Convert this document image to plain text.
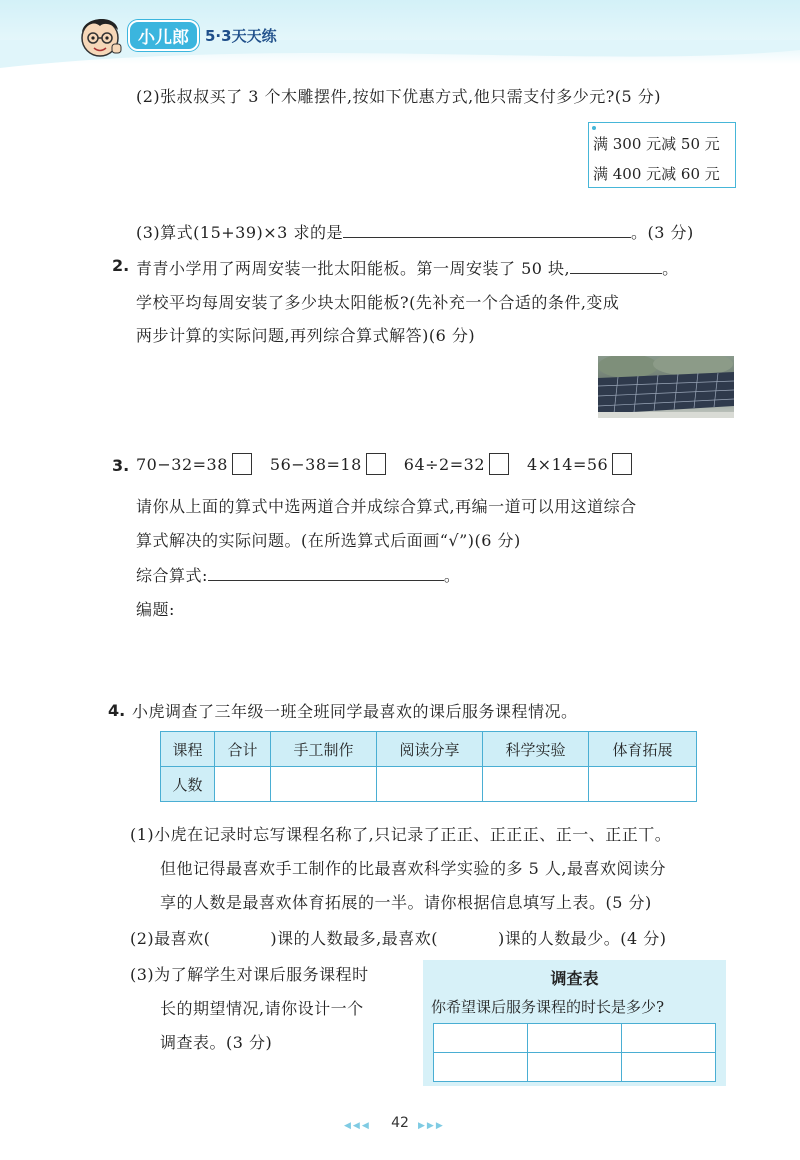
小儿郎	5·3天天练
(2)张叔叔买了 3 个木雕摆件,按如下优惠方式,他只需支付多少元?(5 分)
满 300 元减 50 元
满 400 元减 60 元
(3)算式(15+39)×3 求的是	。(3 分)
2. 青青小学用了两周安装一批太阳能板。第一周安装了 50 块,	。
学校平均每周安装了多少块太阳能板?(先补充一个合适的条件,变成
两步计算的实际问题,再列综合算式解答)(6 分)
3. 70−32=38	56−38=18	64÷2=32	4×14=56
请你从上面的算式中选两道合并成综合算式,再编一道可以用这道综合
算式解决的实际问题。(在所选算式后面画“√”)(6 分)
综合算式:	。
编题:
4. 小虎调查了三年级一班全班同学最喜欢的课后服务课程情况。
课程	合计	手工制作	阅读分享	科学实验	体育拓展
人数					
(1)小虎在记录时忘写课程名称了,只记录了正正、正正正、正一、正正丅。
但他记得最喜欢手工制作的比最喜欢科学实验的多 5 人,最喜欢阅读分
享的人数是最喜欢体育拓展的一半。请你根据信息填写上表。(5 分)
(2)最喜欢(	)课的人数最多,最喜欢(	)课的人数最少。(4 分)
(3)为了解学生对课后服务课程时
长的期望情况,请你设计一个
调查表。(3 分)
调查表
你希望课后服务课程的时长是多少?

◀◀◀	42	▶▶▶
